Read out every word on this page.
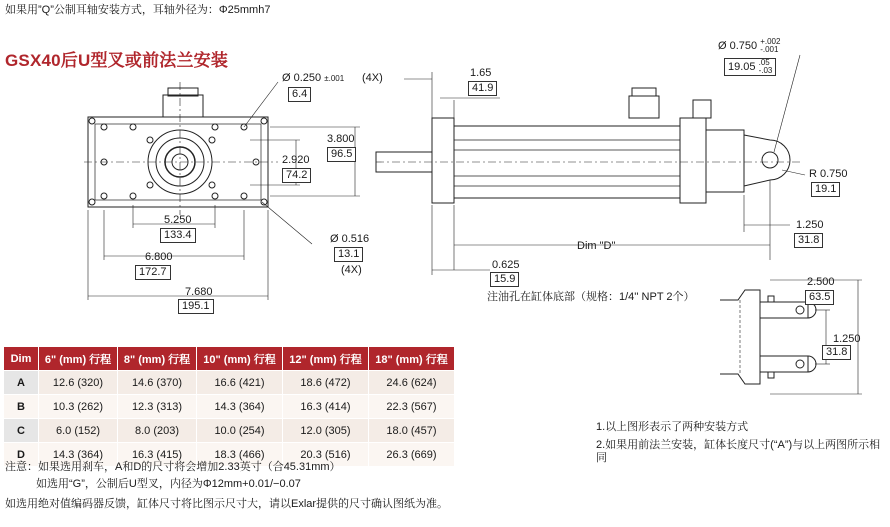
如果用”Q”公制耳轴安装方式，耳轴外径为：Φ25mmh7
GSX40后U型叉或前法兰安装
Ø 0.250 ±.001 (4X)
6.4
3.800
96.5
2.920
74.2
5.250
133.4
6.800
172.7
7.680
195.1
Ø 0.516
13.1
(4X)
1.65
41.9
Ø 0.750 +.002
-.001
19.05 .05
-.03
R 0.750
19.1
1.250
31.8
Dim "D"
0.625
15.9
注油孔在缸体底部（规格：1/4'' NPT 2个）
2.500
63.5
1.250
31.8
Dim	6" (mm) 行程	8" (mm) 行程	10" (mm) 行程	12" (mm) 行程	18" (mm) 行程
A	12.6 (320)	14.6 (370)	16.6 (421)	18.6 (472)	24.6 (624)
B	10.3 (262)	12.3 (313)	14.3 (364)	16.3 (414)	22.3 (567)
C	6.0 (152)	8.0 (203)	10.0 (254)	12.0 (305)	18.0 (457)
D	14.3 (364)	16.3 (415)	18.3 (466)	20.3 (516)	26.3 (669)
1.以上图形表示了两种安装方式
2.如果用前法兰安装，缸体长度尺寸(“A”)与以上两图所示相同
注意：如果选用刹车，A和D的尺寸将会增加2.33英寸（合45.31mm）
如选用“G”，公制后U型叉，内径为Φ12mm+0.01/−0.07
如选用绝对值编码器反馈，缸体尺寸将比图示尺寸大，请以Exlar提供的尺寸确认图纸为准。
